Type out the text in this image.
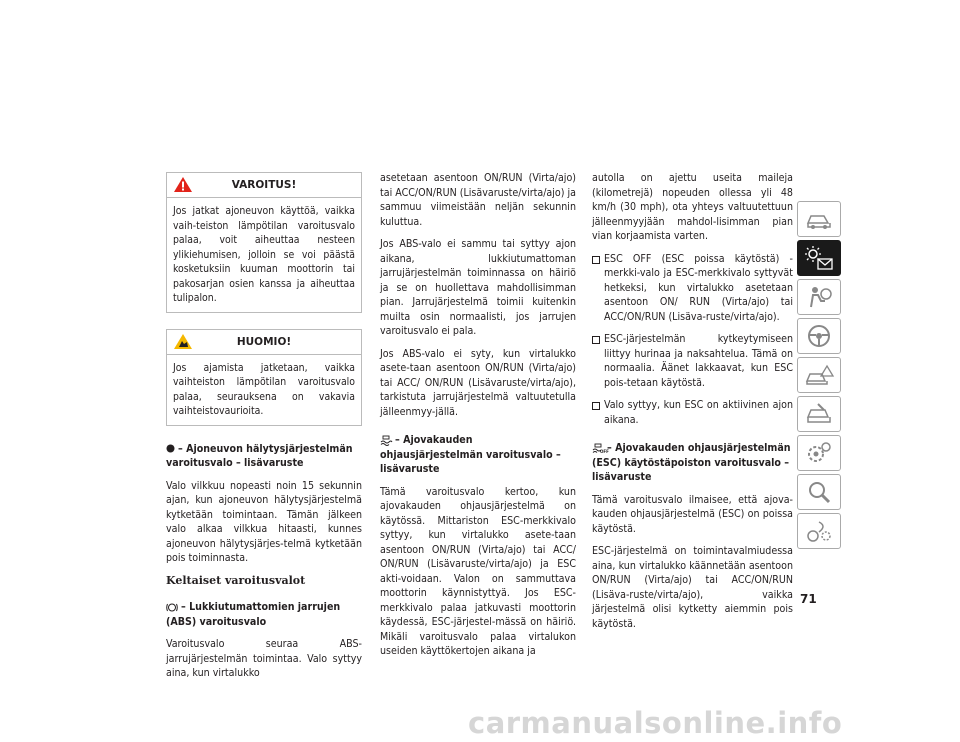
VAROITUS!
Jos jatkat ajoneuvon käyttöä, vaikka vaih-teiston lämpötilan varoitusvalo palaa, voit aiheuttaa nesteen ylikiehumisen, jolloin se voi päästä kosketuksiin kuuman moottorin tai pakosarjan osien kanssa ja aiheuttaa tulipalon.
HUOMIO!
Jos ajamista jatketaan, vaikka vaihteiston lämpötilan varoitusvalo palaa, seurauksena on vakavia vaihteistovaurioita.
– Ajoneuvon hälytysjärjestelmän varoitusvalo – lisävaruste

Valo vilkkuu nopeasti noin 15 sekunnin ajan, kun ajoneuvon hälytysjärjestelmä kytketään toimintaan. Tämän jälkeen valo alkaa vilkkua hitaasti, kunnes ajoneuvon hälytysjärjes-telmä kytketään pois toiminnasta.

Keltaiset varoitusvalot
– Lukkiutumattomien jarrujen (ABS) varoitusvalo

Varoitusvalo seuraa ABS-jarrujärjestelmän toimintaa. Valo syttyy aina, kun virtalukko

asetetaan asentoon ON/RUN (Virta/ajo) tai ACC/ON/RUN (Lisävaruste/virta/ajo) ja sammuu viimeistään neljän sekunnin kuluttua.

Jos ABS-valo ei sammu tai syttyy ajon aikana, lukkiutumattoman jarrujärjestelmän toiminnassa on häiriö ja se on huollettava mahdollisimman pian. Jarrujärjestelmä toimii kuitenkin muilta osin normaalisti, jos jarrujen varoitusvalo ei pala.

Jos ABS-valo ei syty, kun virtalukko asete-taan asentoon ON/RUN (Virta/ajo) tai ACC/ ON/RUN (Lisävaruste/virta/ajo), tarkistuta jarrujärjestelmä valtuutetulla jälleenmyy-jällä.

– Ajovakauden ohjausjärjestelmän varoitusvalo – lisävaruste

Tämä varoitusvalo kertoo, kun ajovakauden ohjausjärjestelmä on käytössä. Mittariston ESC-merkkivalo syttyy, kun virtalukko asete-taan asentoon ON/RUN (Virta/ajo) tai ACC/ ON/RUN (Lisävaruste/virta/ajo) ja ESC akti-voidaan. Valon on sammuttava moottorin käynnistyttyä. Jos ESC-merkkivalo palaa jatkuvasti moottorin käydessä, ESC-järjestel-mässä on häiriö. Mikäli varoitusvalo palaa virtalukon useiden käyttökertojen aikana ja

autolla on ajettu useita maileja (kilometrejä) nopeuden ollessa yli 48 km/h (30 mph), ota yhteys valtuutettuun jälleenmyyjään mahdol-lisimman pian vian korjaamista varten.

ESC OFF (ESC poissa käytöstä) -merkki-valo ja ESC-merkkivalo syttyvät hetkeksi, kun virtalukko asetetaan asentoon ON/ RUN (Virta/ajo) tai ACC/ON/RUN (Lisäva-ruste/virta/ajo).
ESC-järjestelmän kytkeytymiseen liittyy hurinaa ja naksahtelua. Tämä on normaalia. Äänet lakkaavat, kun ESC pois-tetaan käytöstä.
Valo syttyy, kun ESC on aktiivinen ajon aikana.
OFF
– Ajovakauden ohjausjärjestelmän (ESC) käytöstäpoiston varoitusvalo – lisävaruste

Tämä varoitusvalo ilmaisee, että ajova-kauden ohjausjärjestelmä (ESC) on poissa käytöstä.

ESC-järjestelmä on toimintavalmiudessa aina, kun virtalukko käännetään asentoon ON/RUN (Virta/ajo) tai ACC/ON/RUN (Lisäva-ruste/virta/ajo), vaikka järjestelmä olisi kytketty aiemmin pois käytöstä.

71
carmanualsonline.info
